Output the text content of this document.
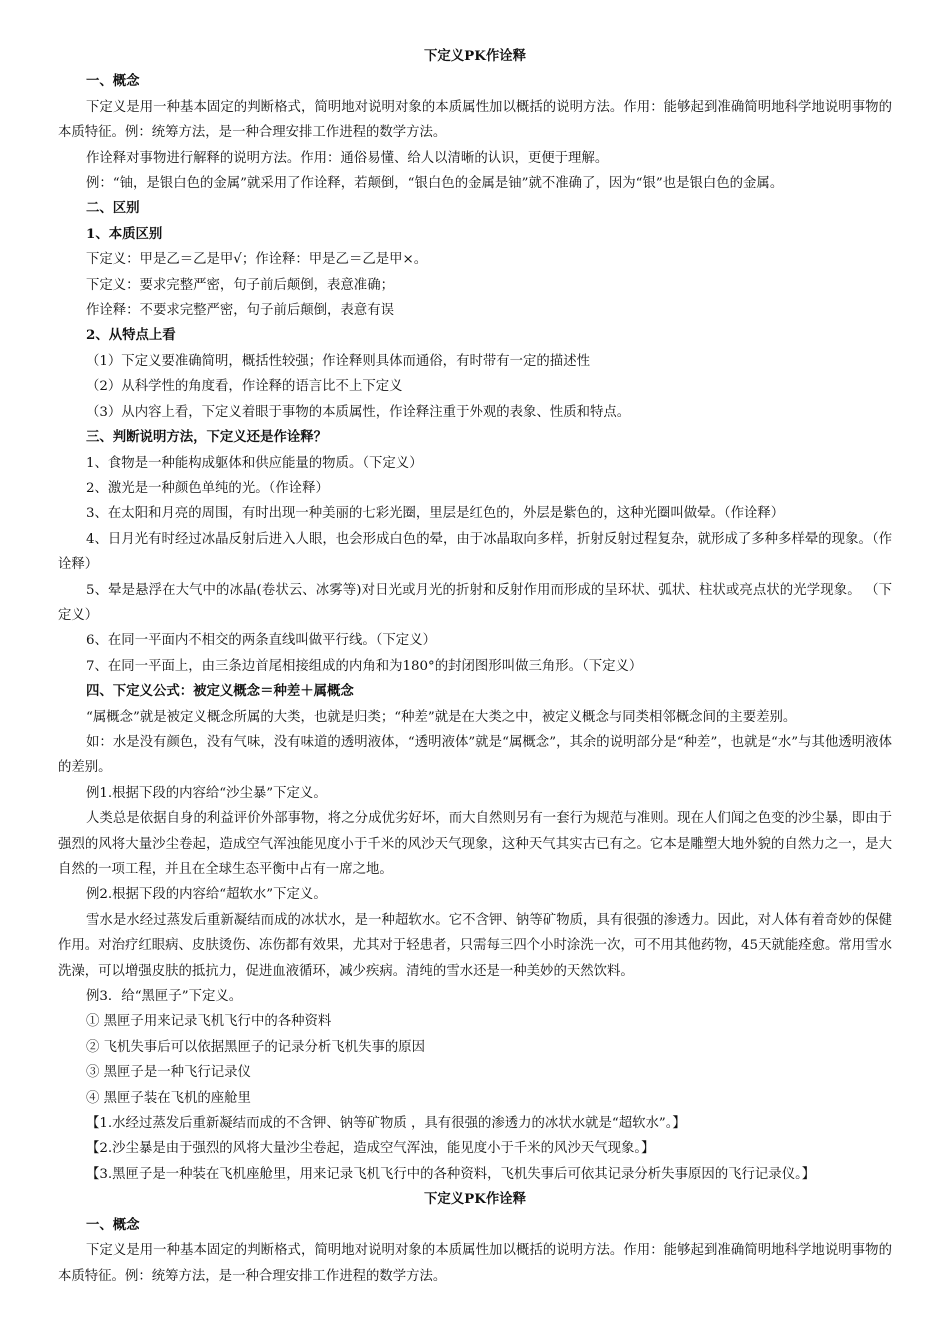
下定义PK作诠释

一、概念

下定义是用一种基本固定的判断格式，简明地对说明对象的本质属性加以概括的说明方法。作用：能够起到准确简明地科学地说明事物的本质特征。例：统筹方法，是一种合理安排工作进程的数学方法。

作诠释对事物进行解释的说明方法。作用：通俗易懂、给人以清晰的认识，更便于理解。

例：“铀，是银白色的金属”就采用了作诠释，若颠倒，“银白色的金属是铀”就不准确了，因为“银”也是银白色的金属。

二、区别

1、本质区别

下定义：甲是乙＝乙是甲√；作诠释：甲是乙＝乙是甲×。

下定义：要求完整严密，句子前后颠倒，表意准确；

作诠释：不要求完整严密，句子前后颠倒，表意有误

2、从特点上看

（1）下定义要准确简明，概括性较强；作诠释则具体而通俗，有时带有一定的描述性

（2）从科学性的角度看，作诠释的语言比不上下定义

（3）从内容上看，下定义着眼于事物的本质属性，作诠释注重于外观的表象、性质和特点。

三、判断说明方法，下定义还是作诠释？

1、食物是一种能构成躯体和供应能量的物质。（下定义）

2、激光是一种颜色单纯的光。（作诠释）

3、在太阳和月亮的周围，有时出现一种美丽的七彩光圈，里层是红色的，外层是紫色的，这种光圈叫做晕。（作诠释）

4、日月光有时经过冰晶反射后进入人眼，也会形成白色的晕，由于冰晶取向多样，折射反射过程复杂，就形成了多种多样晕的现象。（作诠释）

5、晕是悬浮在大气中的冰晶(卷状云、冰雾等)对日光或月光的折射和反射作用而形成的呈环状、弧状、柱状或亮点状的光学现象。 （下定义）

6、在同一平面内不相交的两条直线叫做平行线。（下定义）

7、在同一平面上，由三条边首尾相接组成的内角和为180°的封闭图形叫做三角形。（下定义）

四、下定义公式：被定义概念＝种差＋属概念

“属概念”就是被定义概念所属的大类，也就是归类；“种差”就是在大类之中，被定义概念与同类相邻概念间的主要差别。

如：水是没有颜色，没有气味，没有味道的透明液体，“透明液体”就是“属概念”，其余的说明部分是“种差”，也就是“水”与其他透明液体的差别。

例1.根据下段的内容给“沙尘暴”下定义。

人类总是依据自身的利益评价外部事物，将之分成优劣好坏，而大自然则另有一套行为规范与准则。现在人们闻之色变的沙尘暴，即由于强烈的风将大量沙尘卷起，造成空气浑浊能见度小于千米的风沙天气现象，这种天气其实古已有之。它本是雕塑大地外貌的自然力之一，是大自然的一项工程，并且在全球生态平衡中占有一席之地。

例2.根据下段的内容给“超软水”下定义。

雪水是水经过蒸发后重新凝结而成的冰状水，是一种超软水。它不含钾、钠等矿物质，具有很强的渗透力。因此，对人体有着奇妙的保健作用。对治疗红眼病、皮肤烫伤、冻伤都有效果，尤其对于轻患者，只需每三四个小时涂洗一次，可不用其他药物，45天就能痊愈。常用雪水洗澡，可以增强皮肤的抵抗力，促进血液循环，减少疾病。清纯的雪水还是一种美妙的天然饮料。

例3．给“黑匣子”下定义。

① 黑匣子用来记录飞机飞行中的各种资料

② 飞机失事后可以依据黑匣子的记录分析飞机失事的原因

③ 黑匣子是一种飞行记录仪

④ 黑匣子装在飞机的座舱里

【1.水经过蒸发后重新凝结而成的不含钾、钠等矿物质 ，具有很强的渗透力的冰状水就是“超软水”。】

【2.沙尘暴是由于强烈的风将大量沙尘卷起，造成空气浑浊，能见度小于千米的风沙天气现象。】

【3.黑匣子是一种装在飞机座舱里，用来记录飞机飞行中的各种资料，飞机失事后可依其记录分析失事原因的飞行记录仪。】

下定义PK作诠释

一、概念

下定义是用一种基本固定的判断格式，简明地对说明对象的本质属性加以概括的说明方法。作用：能够起到准确简明地科学地说明事物的本质特征。例：统筹方法，是一种合理安排工作进程的数学方法。
